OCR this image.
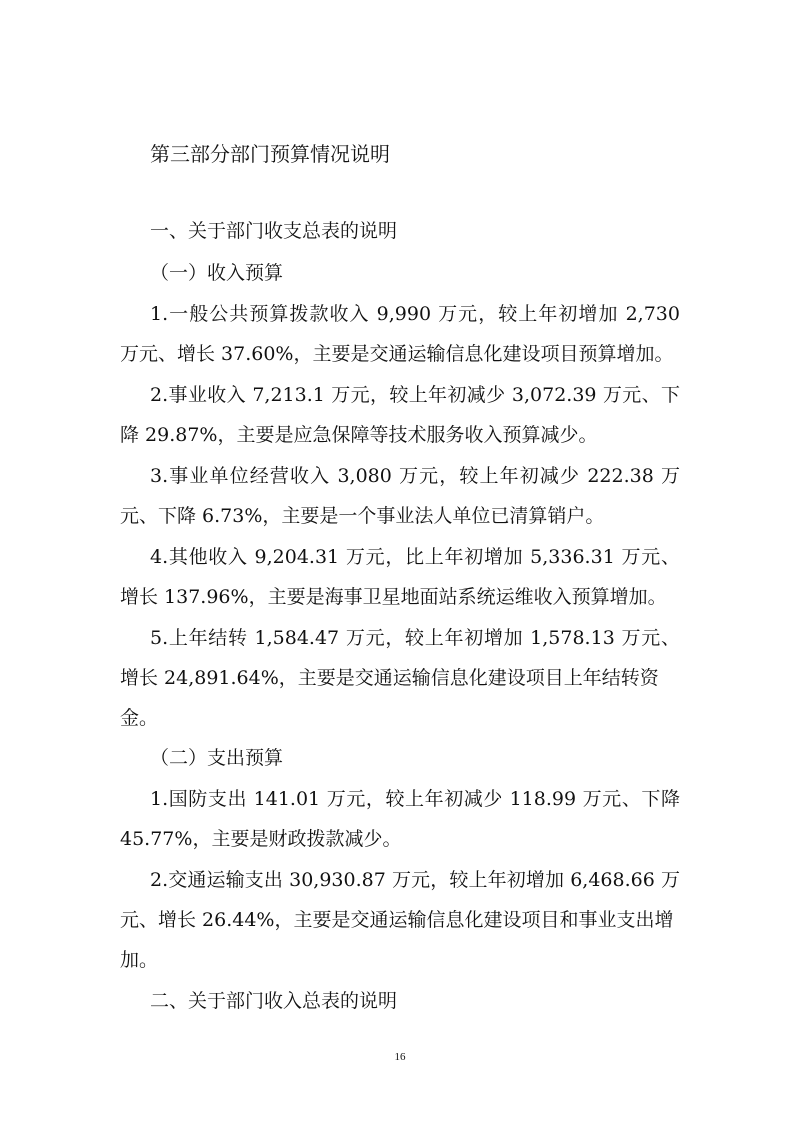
第三部分部门预算情况说明

一、关于部门收支总表的说明

（一）收入预算

1.一般公共预算拨款收入 9,990 万元，较上年初增加 2,730

万元、增长 37.60%，主要是交通运输信息化建设项目预算增加。

2.事业收入 7,213.1 万元，较上年初减少 3,072.39 万元、下

降 29.87%，主要是应急保障等技术服务收入预算减少。

3.事业单位经营收入 3,080 万元，较上年初减少 222.38 万

元、下降 6.73%，主要是一个事业法人单位已清算销户。

4.其他收入 9,204.31 万元，比上年初增加 5,336.31 万元、

增长 137.96%，主要是海事卫星地面站系统运维收入预算增加。

5.上年结转 1,584.47 万元，较上年初增加 1,578.13 万元、

增长 24,891.64%，主要是交通运输信息化建设项目上年结转资

金。

（二）支出预算

1.国防支出 141.01 万元，较上年初减少 118.99 万元、下降

45.77%，主要是财政拨款减少。

2.交通运输支出 30,930.87 万元，较上年初增加 6,468.66 万

元、增长 26.44%，主要是交通运输信息化建设项目和事业支出增

加。

二、关于部门收入总表的说明

16
